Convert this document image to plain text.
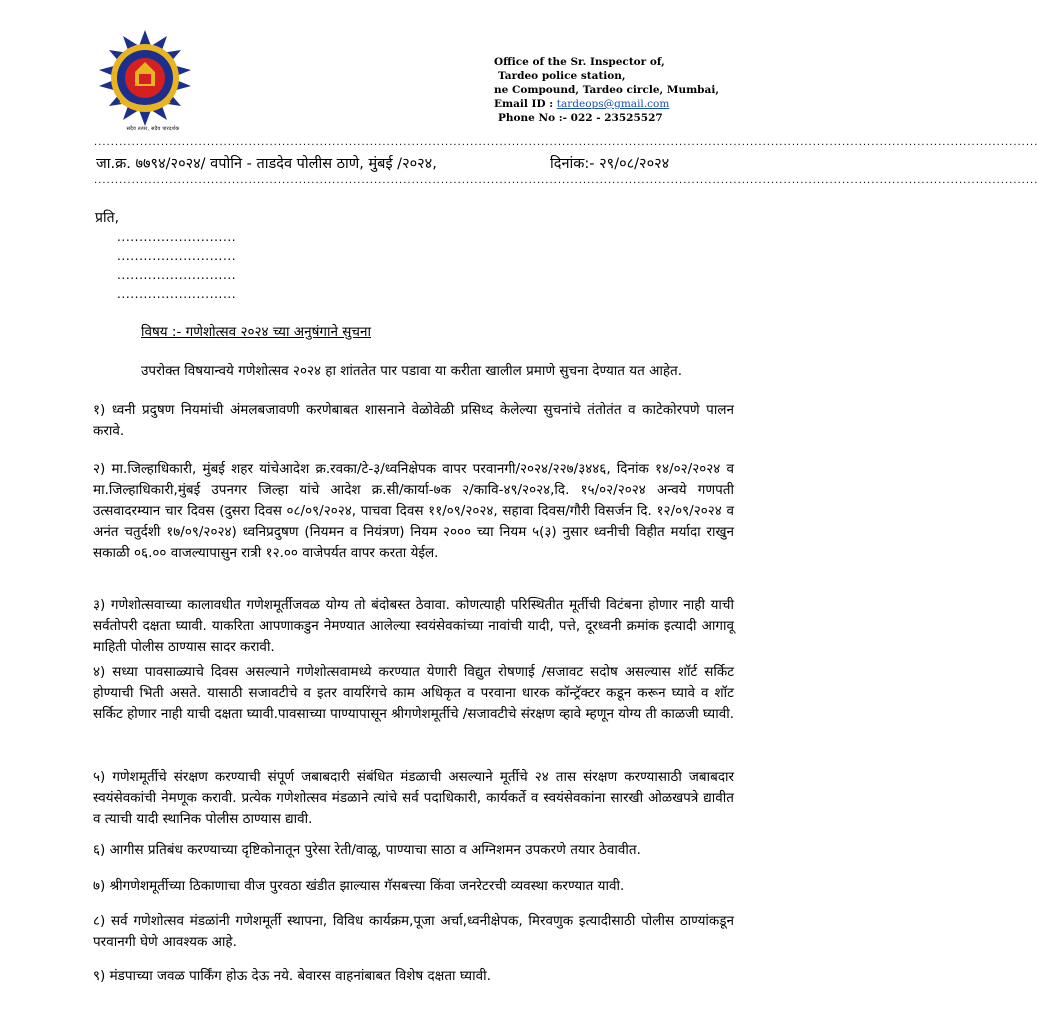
सदैव तत्पर, सदैव पारदर्शक
Office of the Sr. Inspector of,
Tardeo police station,
ne Compound, Tardeo circle, Mumbai,
Email ID : tardeops@gmail.com
Phone No :- 022 - 23525527
..................................................................................................................................................................................................................................
जा.क्र. ७७९४/२०२४/ वपोनि - ताडदेव पोलीस ठाणे, मुंबई /२०२४,	दिनांक:- २९/०८/२०२४
..................................................................................................................................................................................................................................
प्रति,
...........................
...........................
...........................
...........................
विषय :- गणेशोत्सव २०२४ च्या अनुषंगाने सुचना
उपरोक्त विषयान्वये गणेशोत्सव २०२४ हा शांततेत पार पडावा या करीता खालील प्रमाणे सुचना देण्यात यत आहेत.
१) ध्वनी प्रदुषण नियमांची अंमलबजावणी करणेबाबत शासनाने वेळोवेळी प्रसिध्द केलेल्या सुचनांचे तंतोतंत व काटेकोरपणे पालन करावे.
२) मा.जिल्हाधिकारी, मुंबई शहर यांचेआदेश क्र.रवका/टे-३/ध्वनिक्षेपक वापर परवानगी/२०२४/२२७/३४४६, दिनांक १४/०२/२०२४ व मा.जिल्हाधिकारी,मुंबई उपनगर जिल्हा यांचे आदेश क्र.सी/कार्या-७क २/कावि-४९/२०२४,दि. १५/०२/२०२४ अन्वये गणपती उत्सवादरम्यान चार दिवस (दुसरा दिवस ०८/०९/२०२४, पाचवा दिवस ११/०९/२०२४, सहावा दिवस/गौरी विसर्जन दि. १२/०९/२०२४ व अनंत चतुर्दशी १७/०९/२०२४) ध्वनिप्रदुषण (नियमन व नियंत्रण) नियम २००० च्या नियम ५(३) नुसार ध्वनीची विहीत मर्यादा राखुन सकाळी ०६.०० वाजल्यापासुन रात्री १२.०० वाजेपर्यत वापर करता येईल.
३) गणेशोत्सवाच्या कालावधीत गणेशमूर्तीजवळ योग्य तो बंदोबस्त ठेवावा. कोणत्याही परिस्थितीत मूर्तीची विटंबना होणार नाही याची सर्वतोपरी दक्षता घ्यावी. याकरिता आपणाकडुन नेमण्यात आलेल्या स्वयंसेवकांच्या नावांची यादी, पत्ते, दूरध्वनी क्रमांक इत्यादी आगावू माहिती पोलीस ठाण्यास सादर करावी.
४) सध्या पावसाळ्याचे दिवस असल्याने गणेशोत्सवामध्ये करण्यात येणारी विद्युत रोषणाई /सजावट सदोष असल्यास शॉर्ट सर्किट होण्याची भिती असते. यासाठी सजावटीचे व इतर वायरिंगचे काम अधिकृत व परवाना धारक कॉन्ट्रॅक्टर कडून करून घ्यावे व शॉट सर्किट होणार नाही याची दक्षता घ्यावी.पावसाच्या पाण्यापासून श्रीगणेशमूर्तीचे /सजावटीचे संरक्षण व्हावे म्हणून योग्य ती काळजी घ्यावी.
५) गणेशमूर्तीचे संरक्षण करण्याची संपूर्ण जबाबदारी संबंधित मंडळाची असल्याने मूर्तीचे २४ तास संरक्षण करण्यासाठी जबाबदार स्वयंसेवकांची नेमणूक करावी. प्रत्येक गणेशोत्सव मंडळाने त्यांचे सर्व पदाधिकारी, कार्यकर्ते व स्वयंसेवकांना सारखी ओळखपत्रे द्यावीत व त्याची यादी स्थानिक पोलीस ठाण्यास द्यावी.
६) आगीस प्रतिबंध करण्याच्या दृष्टिकोनातून पुरेसा रेती/वाळू, पाण्याचा साठा व अग्निशमन उपकरणे तयार ठेवावीत.
७) श्रीगणेशमूर्तीच्या ठिकाणाचा वीज पुरवठा खंडीत झाल्यास गॅसबत्त्या किंवा जनरेटरची व्यवस्था करण्यात यावी.
८) सर्व गणेशोत्सव मंडळांनी गणेशमूर्ती स्थापना, विविध कार्यक्रम,पूजा अर्चा,ध्वनीक्षेपक, मिरवणुक इत्यादीसाठी पोलीस ठाण्यांकडून परवानगी घेणे आवश्यक आहे.
९) मंडपाच्या जवळ पार्किंग होऊ देऊ नये. बेवारस वाहनांबाबत विशेष दक्षता घ्यावी.
